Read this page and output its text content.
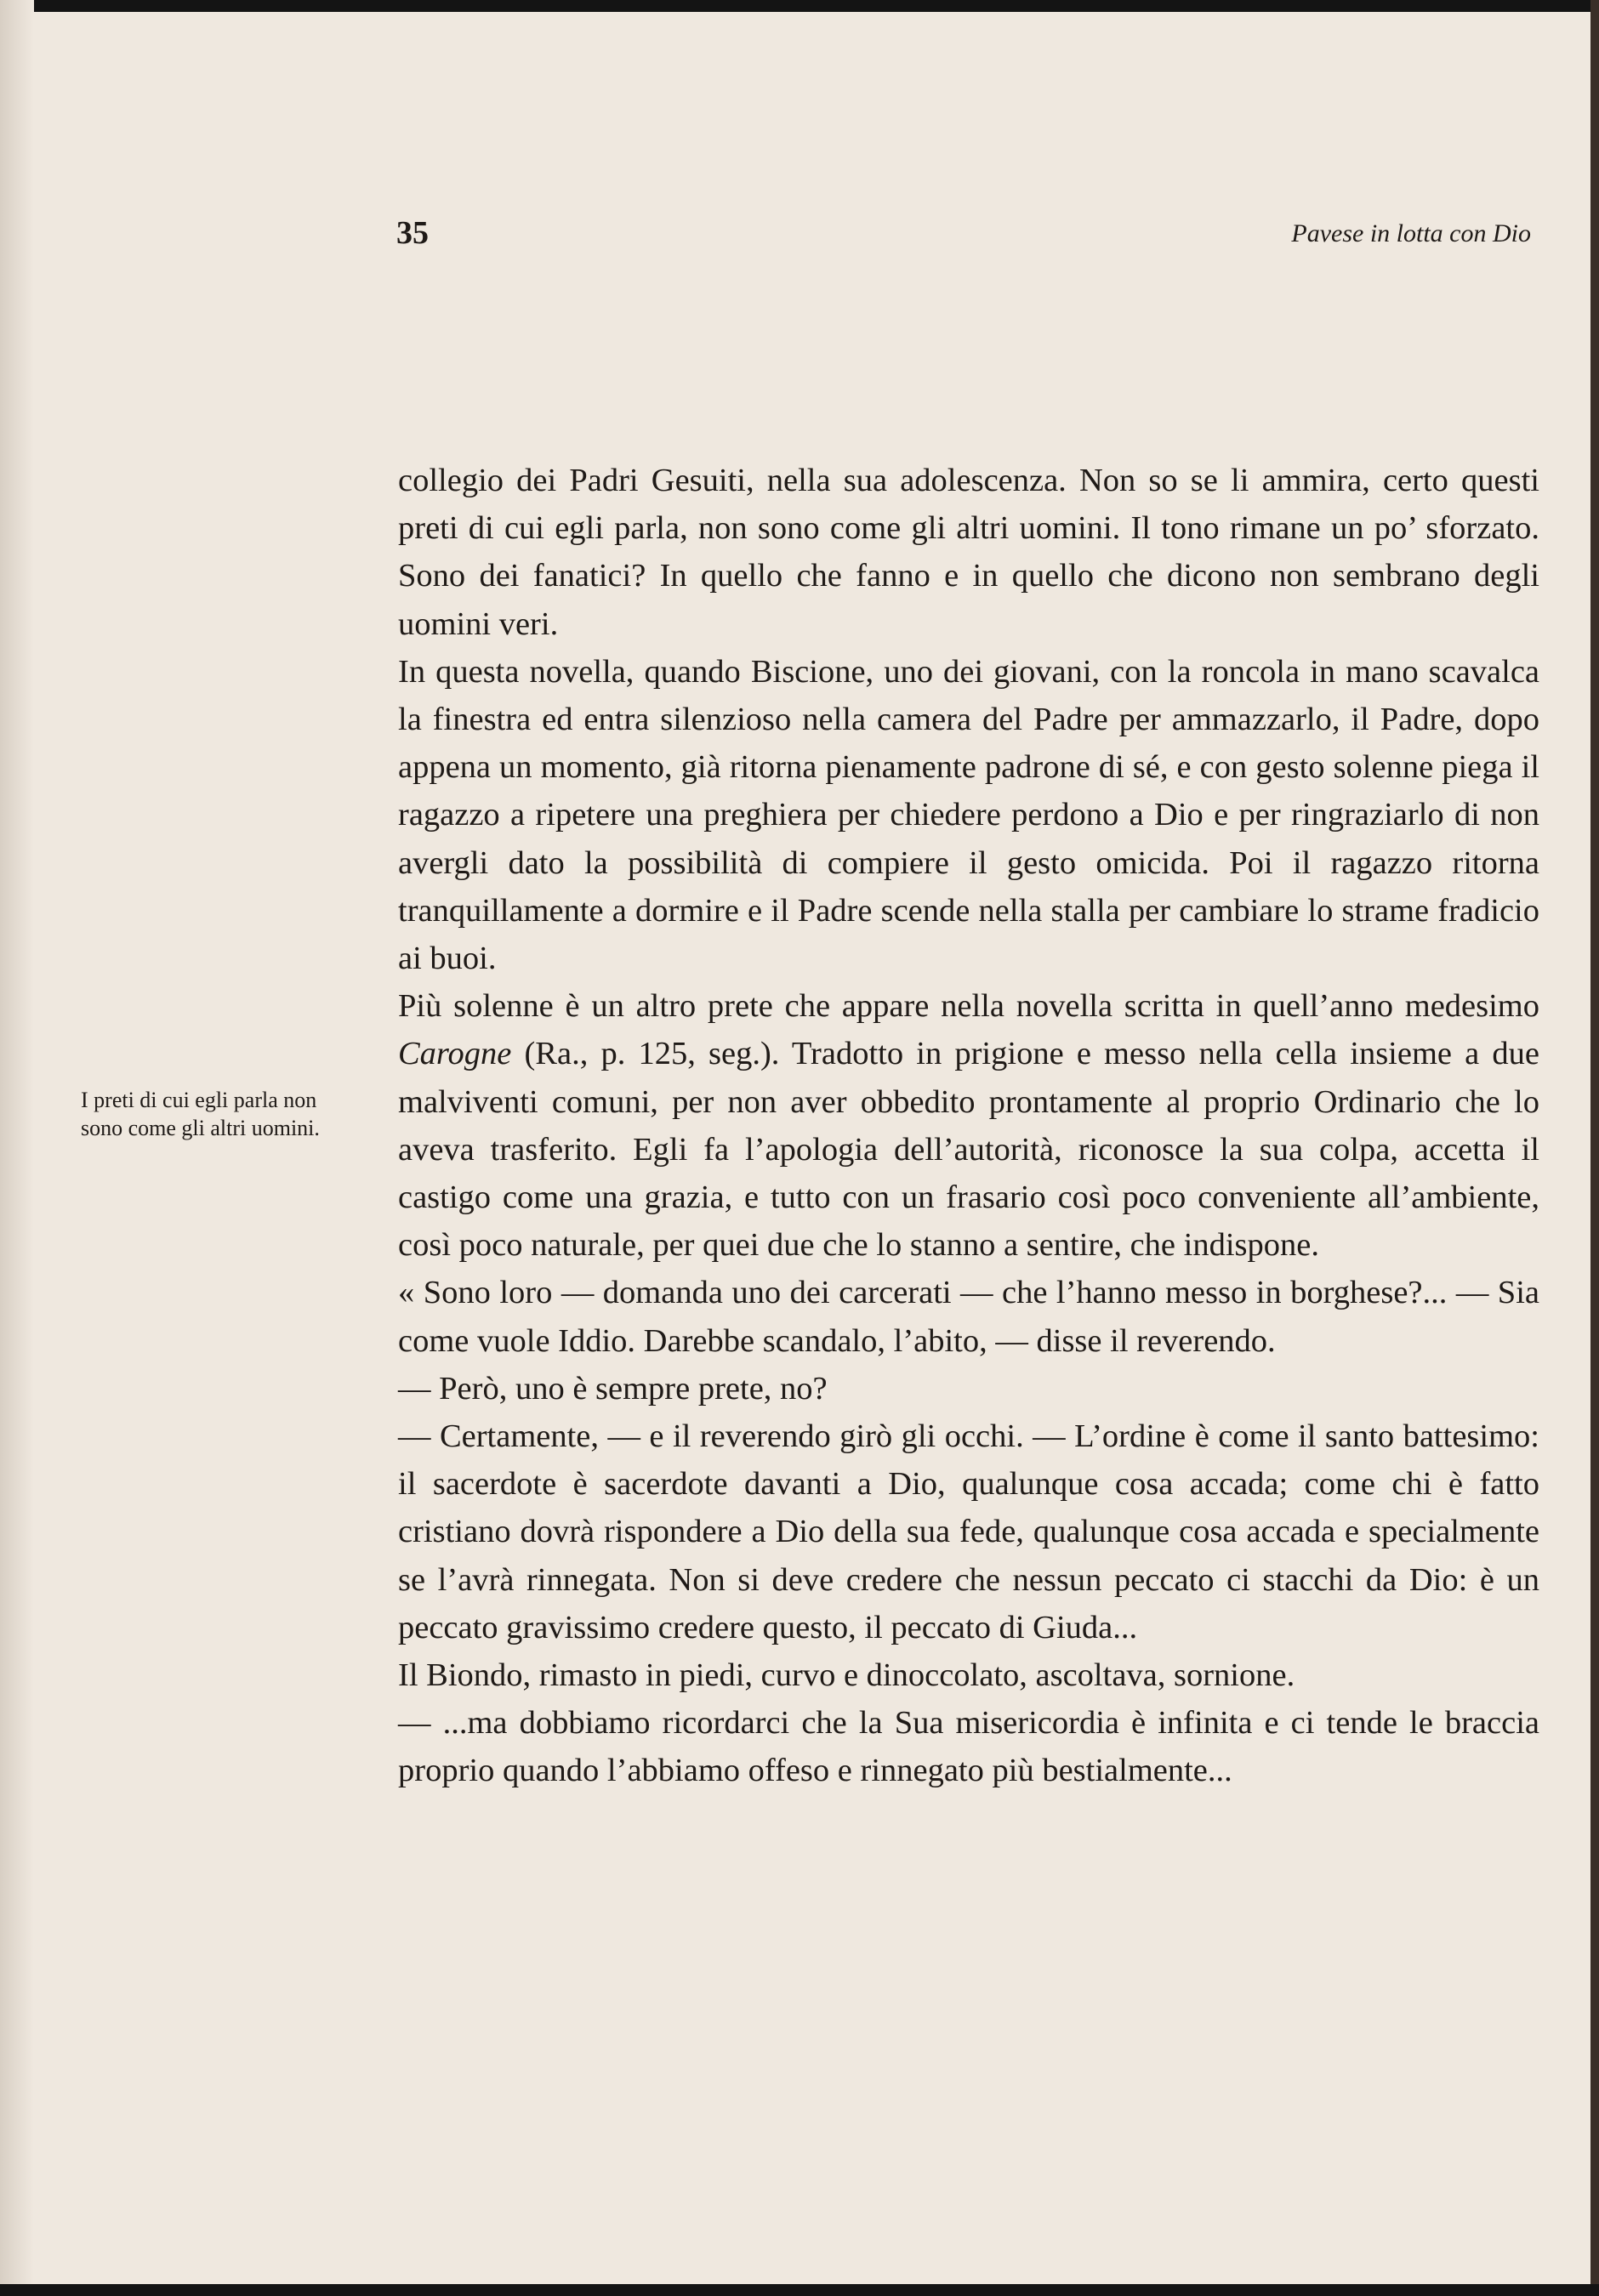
35	Pavese in lotta con Dio
I preti di cui egli parla non sono come gli altri uomini.

collegio dei Padri Gesuiti, nella sua adolescenza. Non so se li ammira, certo questi preti di cui egli parla, non sono come gli altri uomini. Il tono rimane un po’ sforzato. Sono dei fanatici? In quello che fanno e in quello che dicono non sembrano degli uomini veri.

In questa novella, quando Biscione, uno dei giovani, con la roncola in mano scavalca la finestra ed entra silenzioso nella camera del Padre per ammazzarlo, il Padre, dopo appena un momento, già ritorna pienamente padrone di sé, e con gesto solenne piega il ragazzo a ripetere una preghiera per chiedere perdono a Dio e per ringraziarlo di non avergli dato la possibilità di compiere il gesto omicida. Poi il ragazzo ritorna tranquillamente a dormire e il Padre scende nella stalla per cambiare lo strame fradicio ai buoi.

Più solenne è un altro prete che appare nella novella scritta in quell’anno medesimo Carogne (Ra., p. 125, seg.). Tradotto in prigione e messo nella cella insieme a due malviventi comuni, per non aver obbedito prontamente al proprio Ordinario che lo aveva trasferito. Egli fa l’apologia dell’autorità, riconosce la sua colpa, accetta il castigo come una grazia, e tutto con un frasario così poco conveniente all’ambiente, così poco naturale, per quei due che lo stanno a sentire, che indispone.

« Sono loro — domanda uno dei carcerati — che l’hanno messo in borghese?... — Sia come vuole Iddio. Darebbe scandalo, l’abito, — disse il reverendo.

— Però, uno è sempre prete, no?

— Certamente, — e il reverendo girò gli occhi. — L’ordine è come il santo battesimo: il sacerdote è sacerdote davanti a Dio, qualunque cosa accada; come chi è fatto cristiano dovrà rispondere a Dio della sua fede, qualunque cosa accada e specialmente se l’avrà rinnegata. Non si deve credere che nessun peccato ci stacchi da Dio: è un peccato gravissimo credere questo, il peccato di Giuda...

Il Biondo, rimasto in piedi, curvo e dinoccolato, ascoltava, sornione.

— ...ma dobbiamo ricordarci che la Sua misericordia è infinita e ci tende le braccia proprio quando l’abbiamo offeso e rinnegato più bestialmente...
